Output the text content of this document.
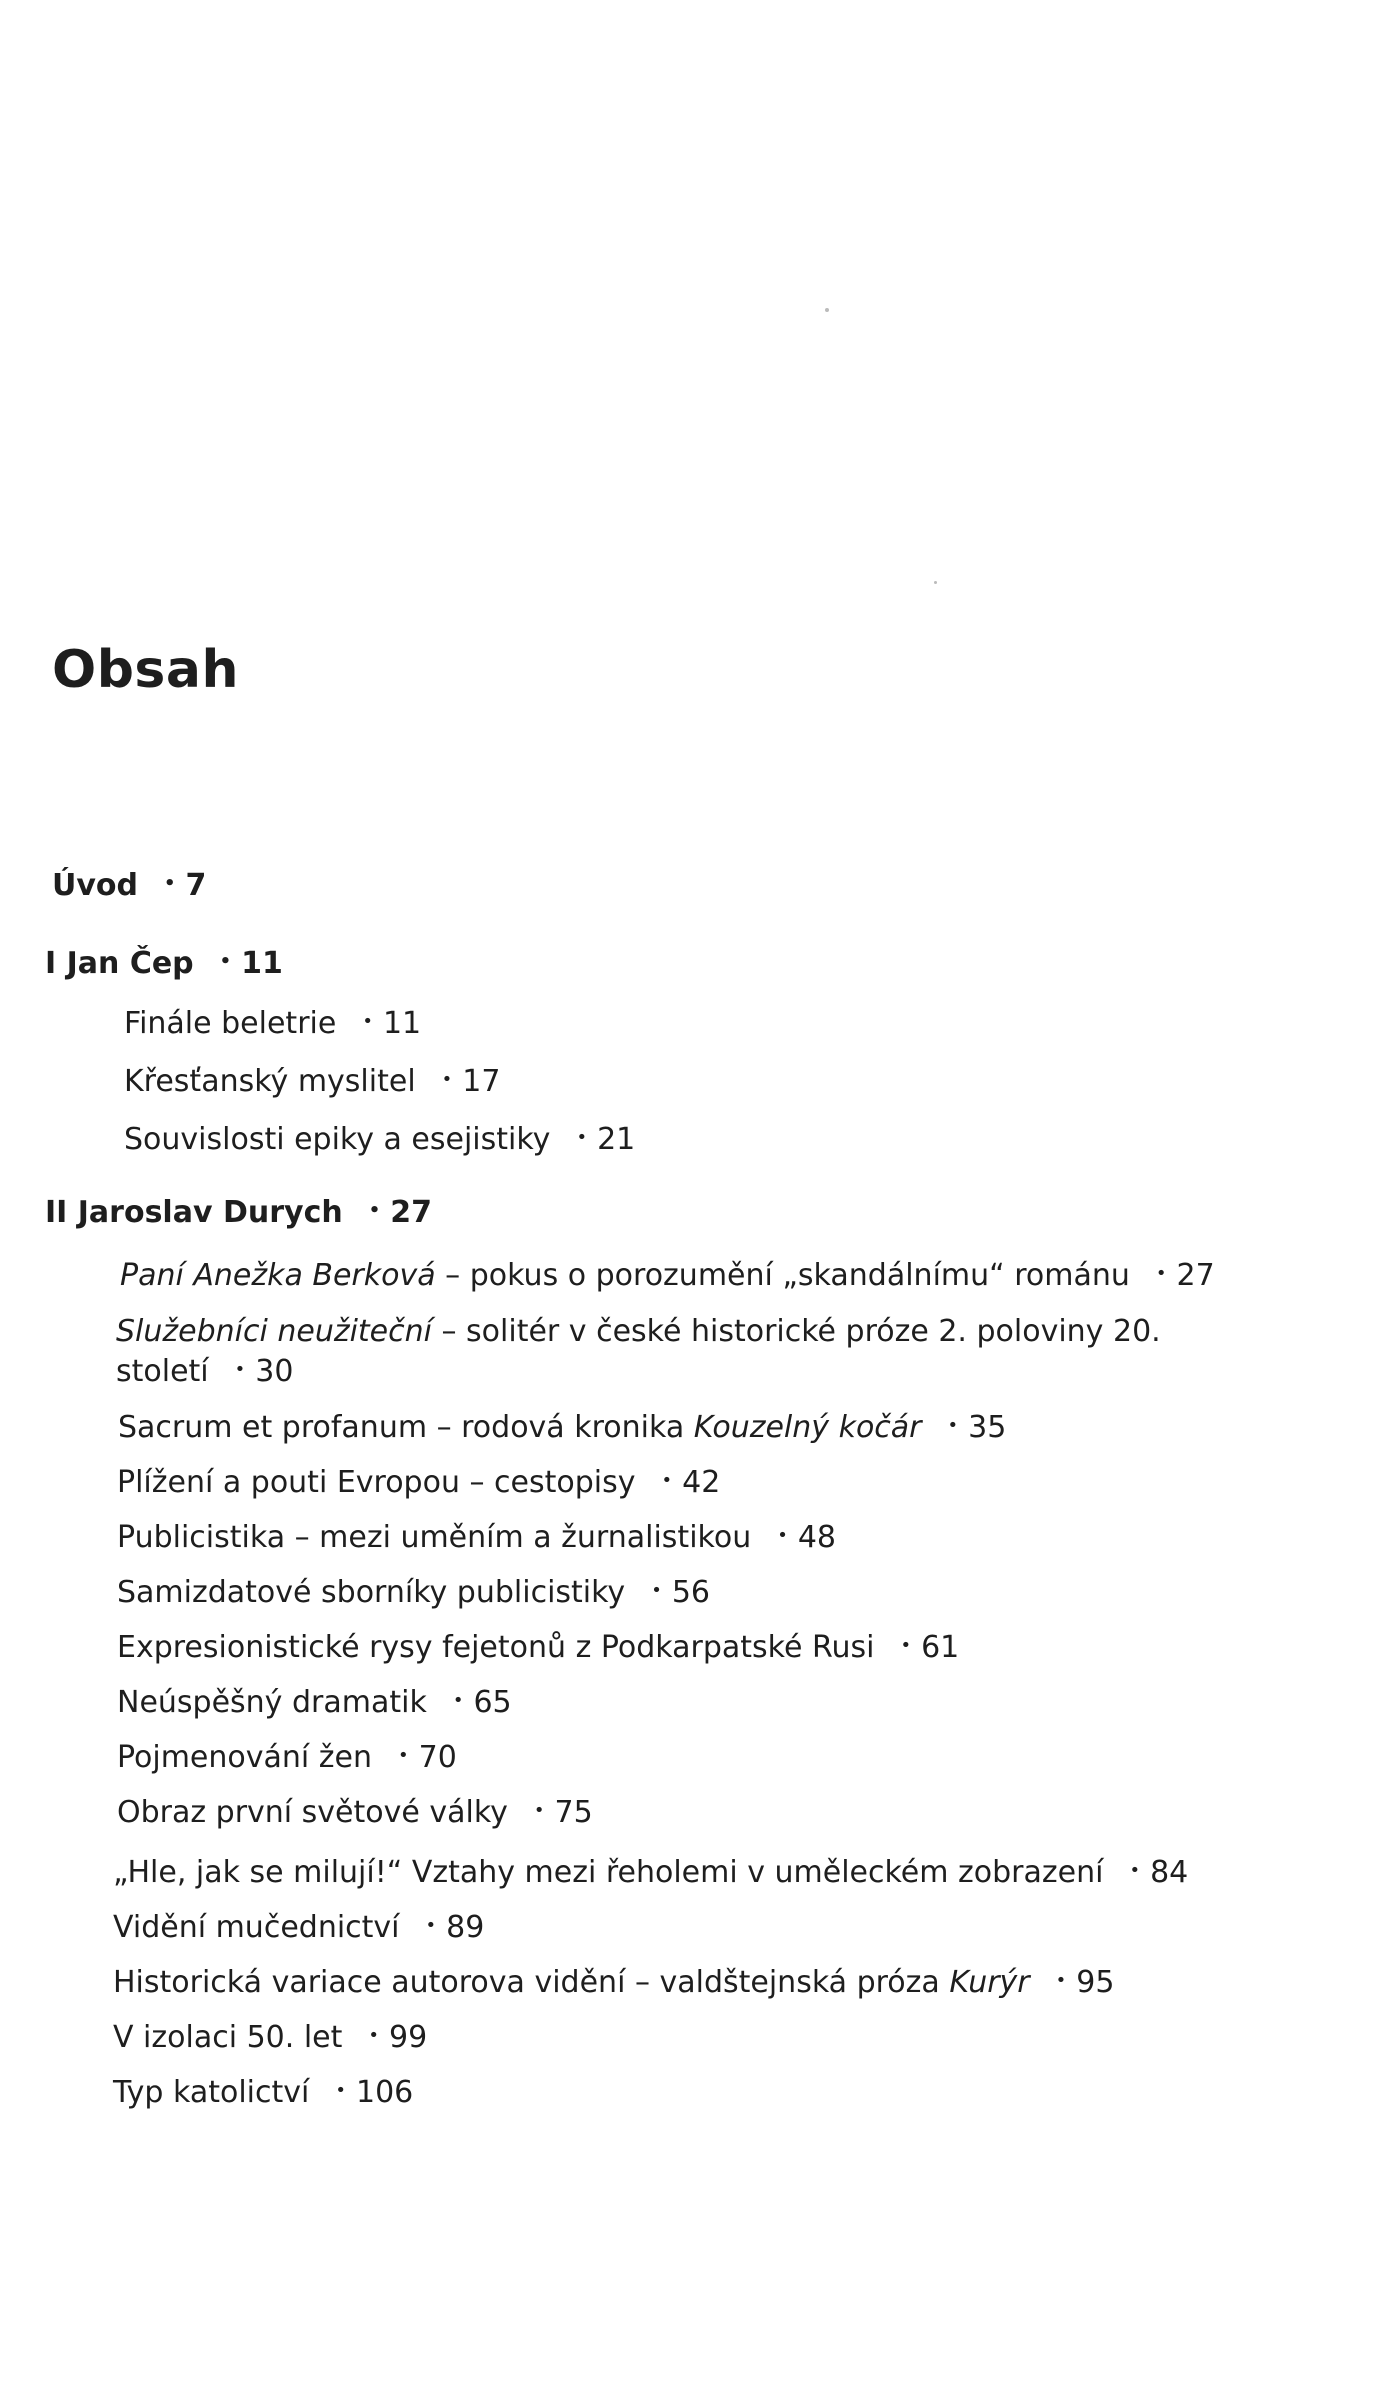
Obsah
Úvod • 7
I Jan Čep • 11
Finále beletrie • 11
Křesťanský myslitel • 17
Souvislosti epiky a esejistiky • 21
II Jaroslav Durych • 27
Paní Anežka Berková – pokus o porozumění „skandálnímu“ románu • 27
Služebníci neužiteční – solitér v české historické próze 2. poloviny 20. století • 30
Sacrum et profanum – rodová kronika Kouzelný kočár • 35
Plížení a pouti Evropou – cestopisy • 42
Publicistika – mezi uměním a žurnalistikou • 48
Samizdatové sborníky publicistiky • 56
Expresionistické rysy fejetonů z Podkarpatské Rusi • 61
Neúspěšný dramatik • 65
Pojmenování žen • 70
Obraz první světové války • 75
„Hle, jak se milují!“ Vztahy mezi řeholemi v uměleckém zobrazení • 84
Vidění mučednictví • 89
Historická variace autorova vidění – valdštejnská próza Kurýr • 95
V izolaci 50. let • 99
Typ katolictví • 106
